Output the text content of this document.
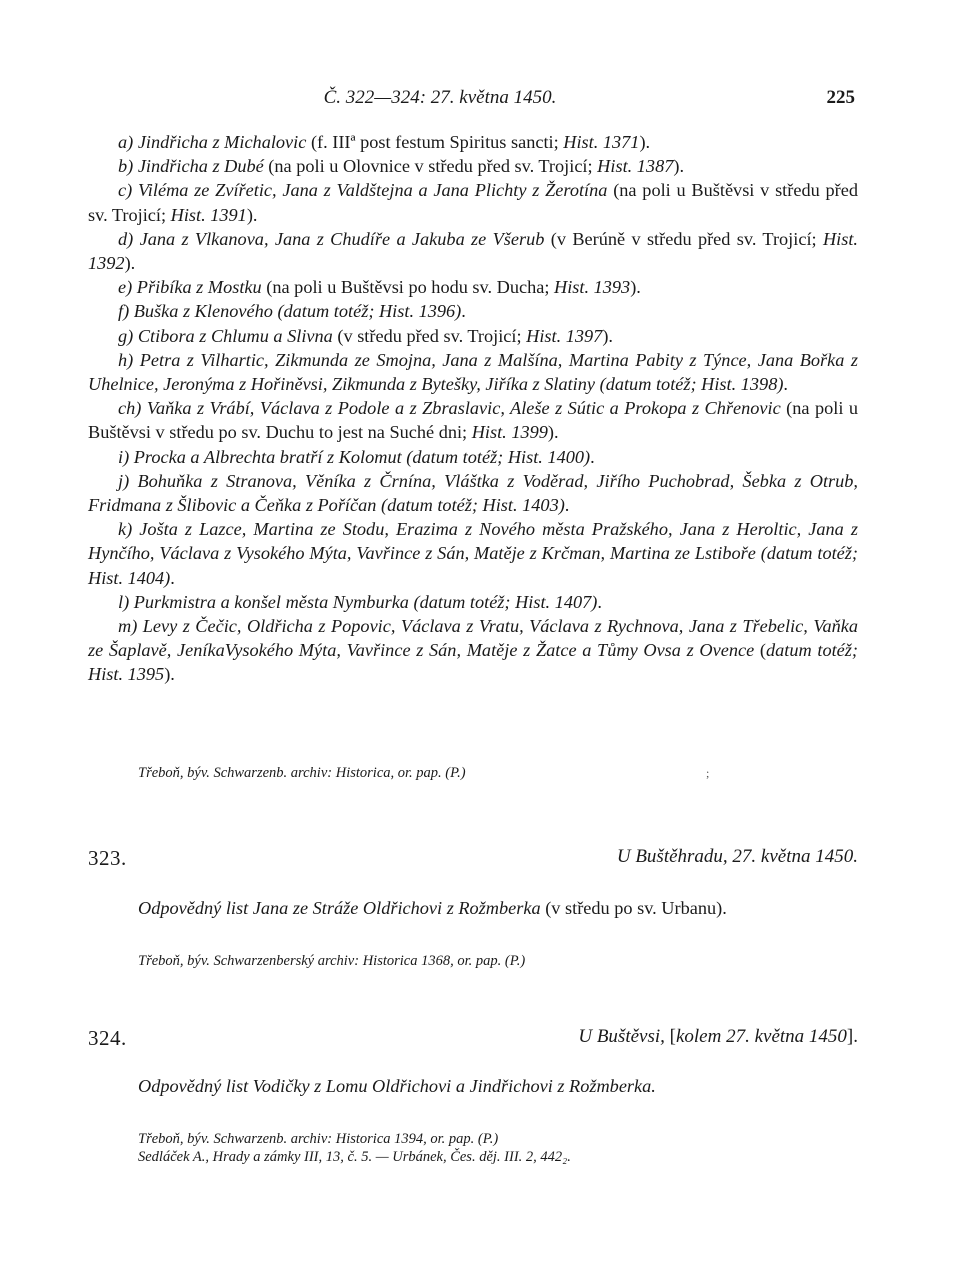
Č. 322—324: 27. května 1450.	225

a) Jindřicha z Michalovic (f. IIIª post festum Spiritus sancti; Hist. 1371).

b) Jindřicha z Dubé (na poli u Olovnice v středu před sv. Trojicí; Hist. 1387).

c) Viléma ze Zvířetic, Jana z Valdštejna a Jana Plichty z Žerotína (na poli u Buštěvsi v středu před sv. Trojicí; Hist. 1391).

d) Jana z Vlkanova, Jana z Chudíře a Jakuba ze Všerub (v Berúně v středu před sv. Trojicí; Hist. 1392).

e) Přibíka z Mostku (na poli u Buštěvsi po hodu sv. Ducha; Hist. 1393).

f) Buška z Klenového (datum totéž; Hist. 1396).

g) Ctibora z Chlumu a Slivna (v středu před sv. Trojicí; Hist. 1397).

h) Petra z Vilhartic, Zikmunda ze Smojna, Jana z Malšína, Martina Pabity z Týnce, Jana Bořka z Uhelnice, Jeronýma z Hořiněvsi, Zikmunda z Bytešky, Jiříka z Slatiny (datum totéž; Hist. 1398).

ch) Vaňka z Vrábí, Václava z Podole a z Zbraslavic, Aleše z Sútic a Prokopa z Chřenovic (na poli u Buštěvsi v středu po sv. Duchu to jest na Suché dni; Hist. 1399).

i) Procka a Albrechta bratří z Kolomut (datum totéž; Hist. 1400).

j) Bohuňka z Stranova, Věníka z Črnína, Vláštka z Voděrad, Jiřího Puchobrad, Šebka z Otrub, Fridmana z Šlibovic a Čeňka z Poříčan (datum totéž; Hist. 1403).

k) Jošta z Lazce, Martina ze Stodu, Erazima z Nového města Pražského, Jana z Heroltic, Jana z Hynčího, Václava z Vysokého Mýta, Vavřince z Sán, Matěje z Krčman, Martina ze Lstiboře (datum totéž; Hist. 1404).

l) Purkmistra a konšel města Nymburka (datum totéž; Hist. 1407).

m) Levy z Čečic, Oldřicha z Popovic, Václava z Vratu, Václava z Rychnova, Jana z Třebelic, Vaňka ze Šaplavě, JeníkaVysokého Mýta, Vavřince z Sán, Matěje z Žatce a Tůmy Ovsa z Ovence (datum totéž; Hist. 1395).

Třeboň, býv. Schwarzenb. archiv: Historica, or. pap. (P.)	;
323.	U Buštěhradu, 27. května 1450.
Odpovědný list Jana ze Stráže Oldřichovi z Rožmberka (v středu po sv. Urbanu).
Třeboň, býv. Schwarzenberský archiv: Historica 1368, or. pap. (P.)
324.	U Buštěvsi, [kolem 27. května 1450].
Odpovědný list Vodičky z Lomu Oldřichovi a Jindřichovi z Rožmberka.
Třeboň, býv. Schwarzenb. archiv: Historica 1394, or. pap. (P.)
Sedláček A., Hrady a zámky III, 13, č. 5. — Urbánek, Čes. děj. III. 2, 442₂.
